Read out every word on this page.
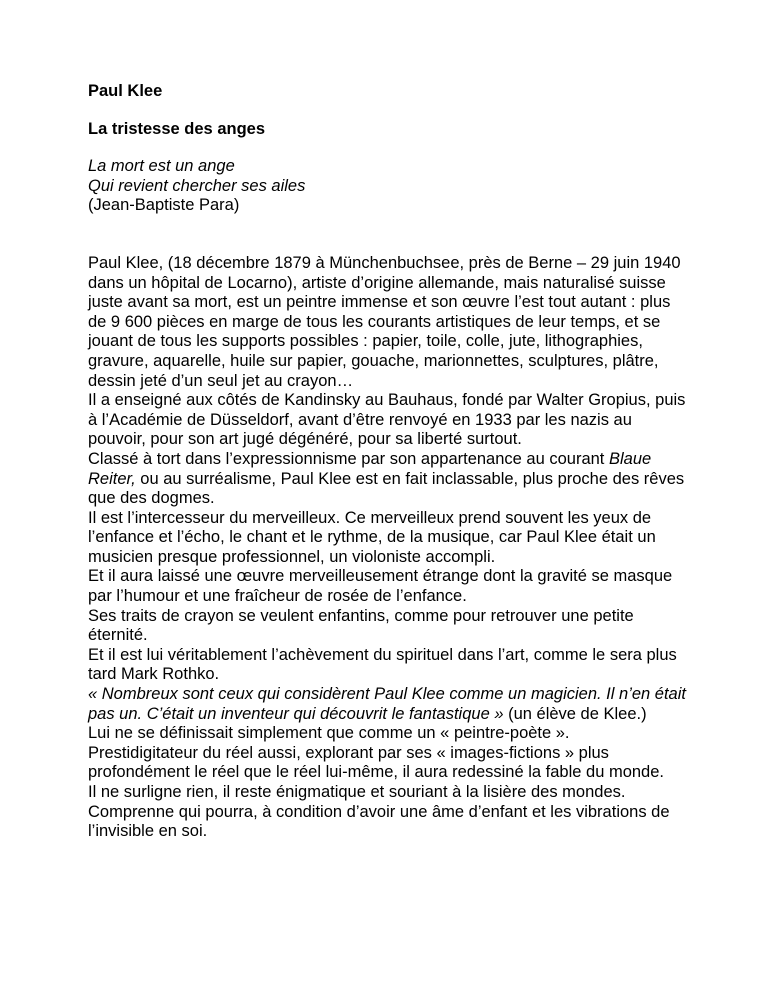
Paul Klee

La tristesse des anges

La mort est un ange
Qui revient chercher ses ailes
(Jean-Baptiste Para)

Paul Klee, (18 décembre 1879 à Münchenbuchsee, près de Berne – 29 juin 1940 dans un hôpital de Locarno), artiste d’origine allemande, mais naturalisé suisse juste avant sa mort, est un peintre immense et son œuvre l’est tout autant : plus de 9 600 pièces en marge de tous les courants artistiques de leur temps, et se jouant de tous les supports possibles : papier, toile, colle, jute, lithographies, gravure, aquarelle, huile sur papier, gouache, marionnettes, sculptures, plâtre, dessin jeté d’un seul jet au crayon…

Il a enseigné aux côtés de Kandinsky au Bauhaus, fondé par Walter Gropius, puis à l’Académie de Düsseldorf, avant d’être renvoyé en 1933 par les nazis au pouvoir, pour son art jugé dégénéré, pour sa liberté surtout.

Classé à tort dans l’expressionnisme par son appartenance au courant Blaue Reiter, ou au surréalisme, Paul Klee est en fait inclassable, plus proche des rêves que des dogmes.

Il est l’intercesseur du merveilleux. Ce merveilleux prend souvent les yeux de l’enfance et l’écho, le chant et le rythme, de la musique, car Paul Klee était un musicien presque professionnel, un violoniste accompli.

Et il aura laissé une œuvre merveilleusement étrange dont la gravité se masque par l’humour et une fraîcheur de rosée de l’enfance.

Ses traits de crayon se veulent enfantins, comme pour retrouver une petite éternité.

Et il est lui véritablement l’achèvement du spirituel dans l’art, comme le sera plus tard Mark Rothko.

« Nombreux sont ceux qui considèrent Paul Klee comme un magicien. Il n’en était pas un. C’était un inventeur qui découvrit le fantastique » (un élève de Klee.)

Lui ne se définissait simplement que comme un « peintre-poète ».

Prestidigitateur du réel aussi, explorant par ses « images-fictions » plus profondément le réel que le réel lui-même, il aura redessiné la fable du monde.

Il ne surligne rien, il reste énigmatique et souriant à la lisière des mondes. Comprenne qui pourra, à condition d’avoir une âme d’enfant et les vibrations de l’invisible en soi.
